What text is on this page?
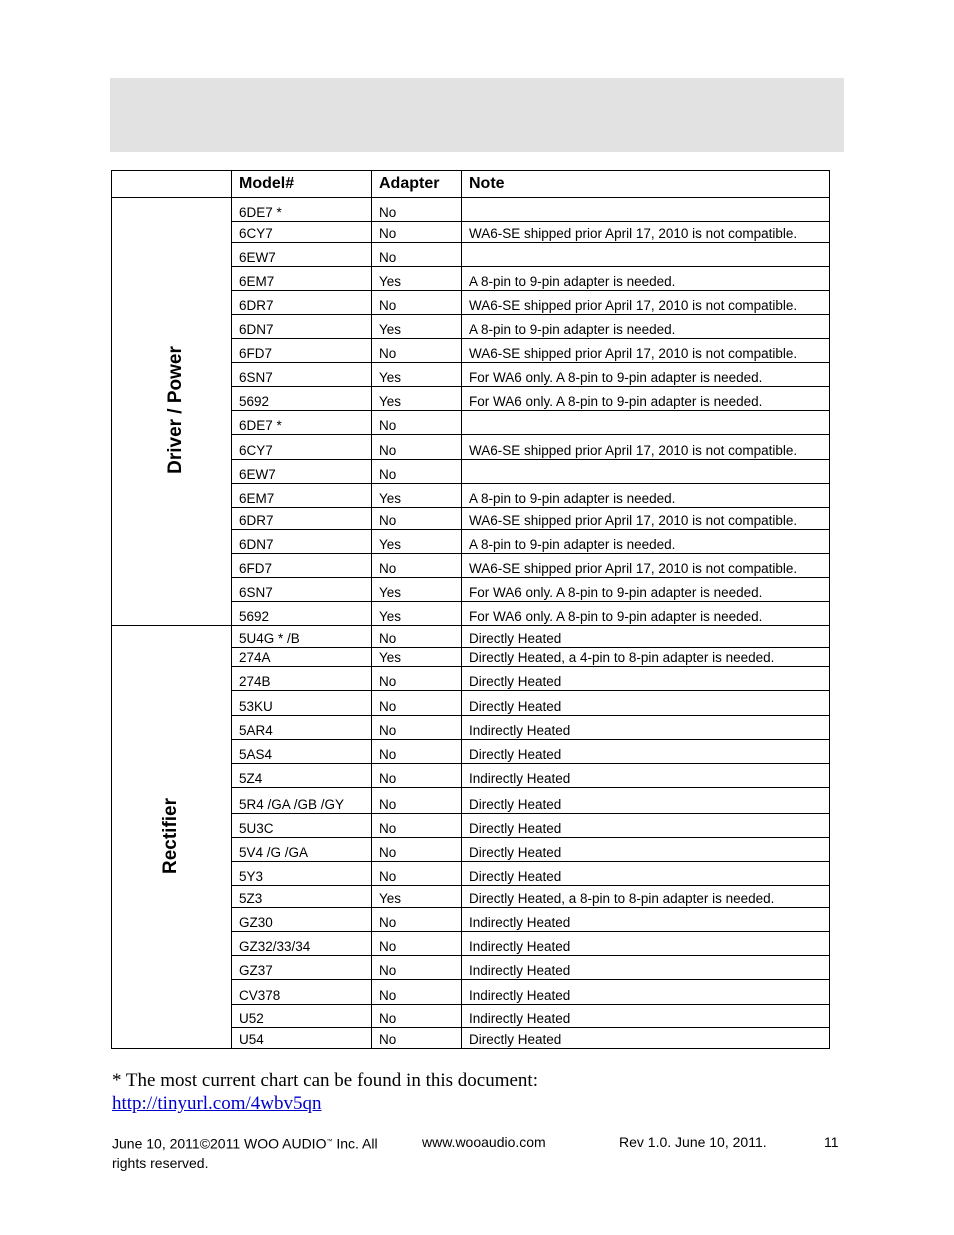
	Model#	Adapter	Note

Driver / Power	6DE7 *	No	
	6CY7	No	WA6-SE shipped prior April 17, 2010 is not compatible.
	6EW7	No	
	6EM7	Yes	A 8-pin to 9-pin adapter is needed.
	6DR7	No	WA6-SE shipped prior April 17, 2010 is not compatible.
	6DN7	Yes	A 8-pin to 9-pin adapter is needed.
	6FD7	No	WA6-SE shipped prior April 17, 2010 is not compatible.
	6SN7	Yes	For WA6 only. A 8-pin to 9-pin adapter is needed.
	5692	Yes	For WA6 only. A 8-pin to 9-pin adapter is needed.
	6DE7 *	No	
	6CY7	No	WA6-SE shipped prior April 17, 2010 is not compatible.
	6EW7	No	
	6EM7	Yes	A 8-pin to 9-pin adapter is needed.
	6DR7	No	WA6-SE shipped prior April 17, 2010 is not compatible.
	6DN7	Yes	A 8-pin to 9-pin adapter is needed.
	6FD7	No	WA6-SE shipped prior April 17, 2010 is not compatible.
	6SN7	Yes	For WA6 only. A 8-pin to 9-pin adapter is needed.
	5692	Yes	For WA6 only. A 8-pin to 9-pin adapter is needed.

Rectifier	5U4G * /B	No	Directly Heated
	274A	Yes	Directly Heated, a 4-pin to 8-pin adapter is needed.
	274B	No	Directly Heated
	53KU	No	Directly Heated
	5AR4	No	Indirectly Heated
	5AS4	No	Directly Heated
	5Z4	No	Indirectly Heated
	5R4 /GA /GB /GY	No	Directly Heated
	5U3C	No	Directly Heated
	5V4 /G /GA	No	Directly Heated
	5Y3	No	Directly Heated
	5Z3	Yes	Directly Heated, a 8-pin to 8-pin adapter is needed.
	GZ30	No	Indirectly Heated
	GZ32/33/34	No	Indirectly Heated
	GZ37	No	Indirectly Heated
	CV378	No	Indirectly Heated
	U52	No	Indirectly Heated
	U54	No	Directly Heated
* The most current chart can be found in this document:
http://tinyurl.com/4wbv5qn
June 10, 2011©2011 WOO AUDIO™ Inc. All
rights reserved.
www.wooaudio.com	Rev 1.0. June 10, 2011.	11
